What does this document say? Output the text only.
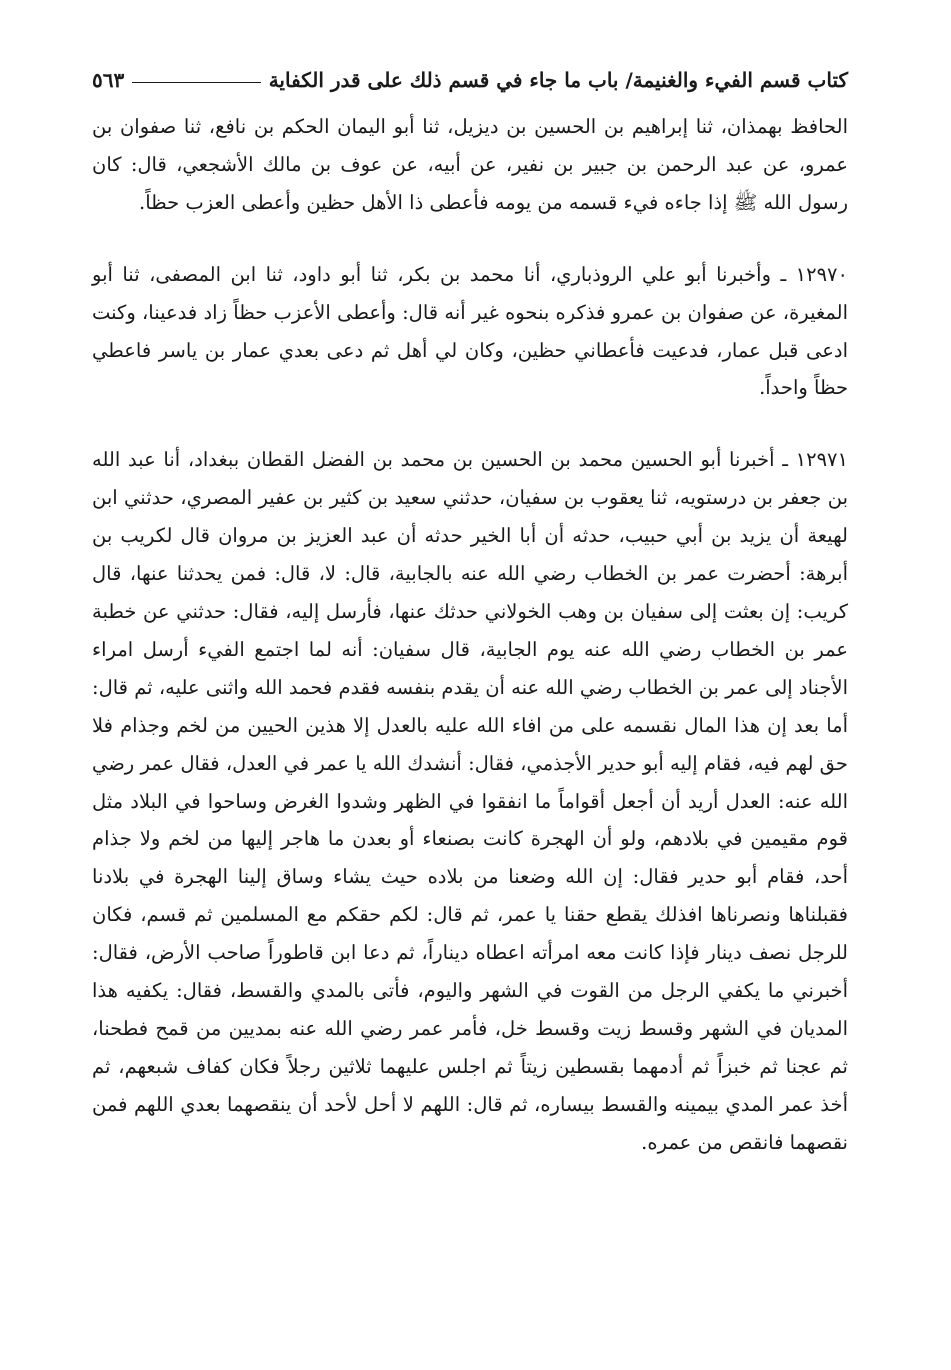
كتاب قسم الفيء والغنيمة/ باب ما جاء في قسم ذلك على قدر الكفاية
٥٦٣

الحافظ بهمذان، ثنا إبراهيم بن الحسين بن ديزيل، ثنا أبو اليمان الحكم بن نافع، ثنا صفوان بن عمرو، عن عبد الرحمن بن جبير بن نفير، عن أبيه، عن عوف بن مالك الأشجعي، قال: كان رسول الله ﷺ إذا جاءه فيء قسمه من يومه فأعطى ذا الأهل حظين وأعطى العزب حظاً.

١٢٩٧٠ ـ وأخبرنا أبو علي الروذباري، أنا محمد بن بكر، ثنا أبو داود، ثنا ابن المصفى، ثنا أبو المغيرة، عن صفوان بن عمرو فذكره بنحوه غير أنه قال: وأعطى الأعزب حظاً زاد فدعينا، وكنت ادعى قبل عمار، فدعيت فأعطاني حظين، وكان لي أهل ثم دعى بعدي عمار بن ياسر فاعطي حظاً واحداً.

١٢٩٧١ ـ أخبرنا أبو الحسين محمد بن الحسين بن محمد بن الفضل القطان ببغداد، أنا عبد الله بن جعفر بن درستويه، ثنا يعقوب بن سفيان، حدثني سعيد بن كثير بن عفير المصري، حدثني ابن لهيعة أن يزيد بن أبي حبيب، حدثه أن أبا الخير حدثه أن عبد العزيز بن مروان قال لكريب بن أبرهة: أحضرت عمر بن الخطاب رضي الله عنه بالجابية، قال: لا، قال: فمن يحدثنا عنها، قال كريب: إن بعثت إلى سفيان بن وهب الخولاني حدثك عنها، فأرسل إليه، فقال: حدثني عن خطبة عمر بن الخطاب رضي الله عنه يوم الجابية، قال سفيان: أنه لما اجتمع الفيء أرسل امراء الأجناد إلى عمر بن الخطاب رضي الله عنه أن يقدم بنفسه فقدم فحمد الله واثنى عليه، ثم قال: أما بعد إن هذا المال نقسمه على من افاء الله عليه بالعدل إلا هذين الحيين من لخم وجذام فلا حق لهم فيه، فقام إليه أبو حدير الأجذمي، فقال: أنشدك الله يا عمر في العدل، فقال عمر رضي الله عنه: العدل أريد أن أجعل أقواماً ما انفقوا في الظهر وشدوا الغرض وساحوا في البلاد مثل قوم مقيمين في بلادهم، ولو أن الهجرة كانت بصنعاء أو بعدن ما هاجر إليها من لخم ولا جذام أحد، فقام أبو حدير فقال: إن الله وضعنا من بلاده حيث يشاء وساق إلينا الهجرة في بلادنا فقبلناها ونصرناها افذلك يقطع حقنا يا عمر، ثم قال: لكم حقكم مع المسلمين ثم قسم، فكان للرجل نصف دينار فإذا كانت معه امرأته اعطاه ديناراً، ثم دعا ابن قاطوراً صاحب الأرض، فقال: أخبرني ما يكفي الرجل من القوت في الشهر واليوم، فأتى بالمدي والقسط، فقال: يكفيه هذا المديان في الشهر وقسط زيت وقسط خل، فأمر عمر رضي الله عنه بمديين من قمح فطحنا، ثم عجنا ثم خبزاً ثم أدمهما بقسطين زيتاً ثم اجلس عليهما ثلاثين رجلاً فكان كفاف شبعهم، ثم أخذ عمر المدي بيمينه والقسط بيساره، ثم قال: اللهم لا أحل لأحد أن ينقصهما بعدي اللهم فمن نقصهما فانقص من عمره.
